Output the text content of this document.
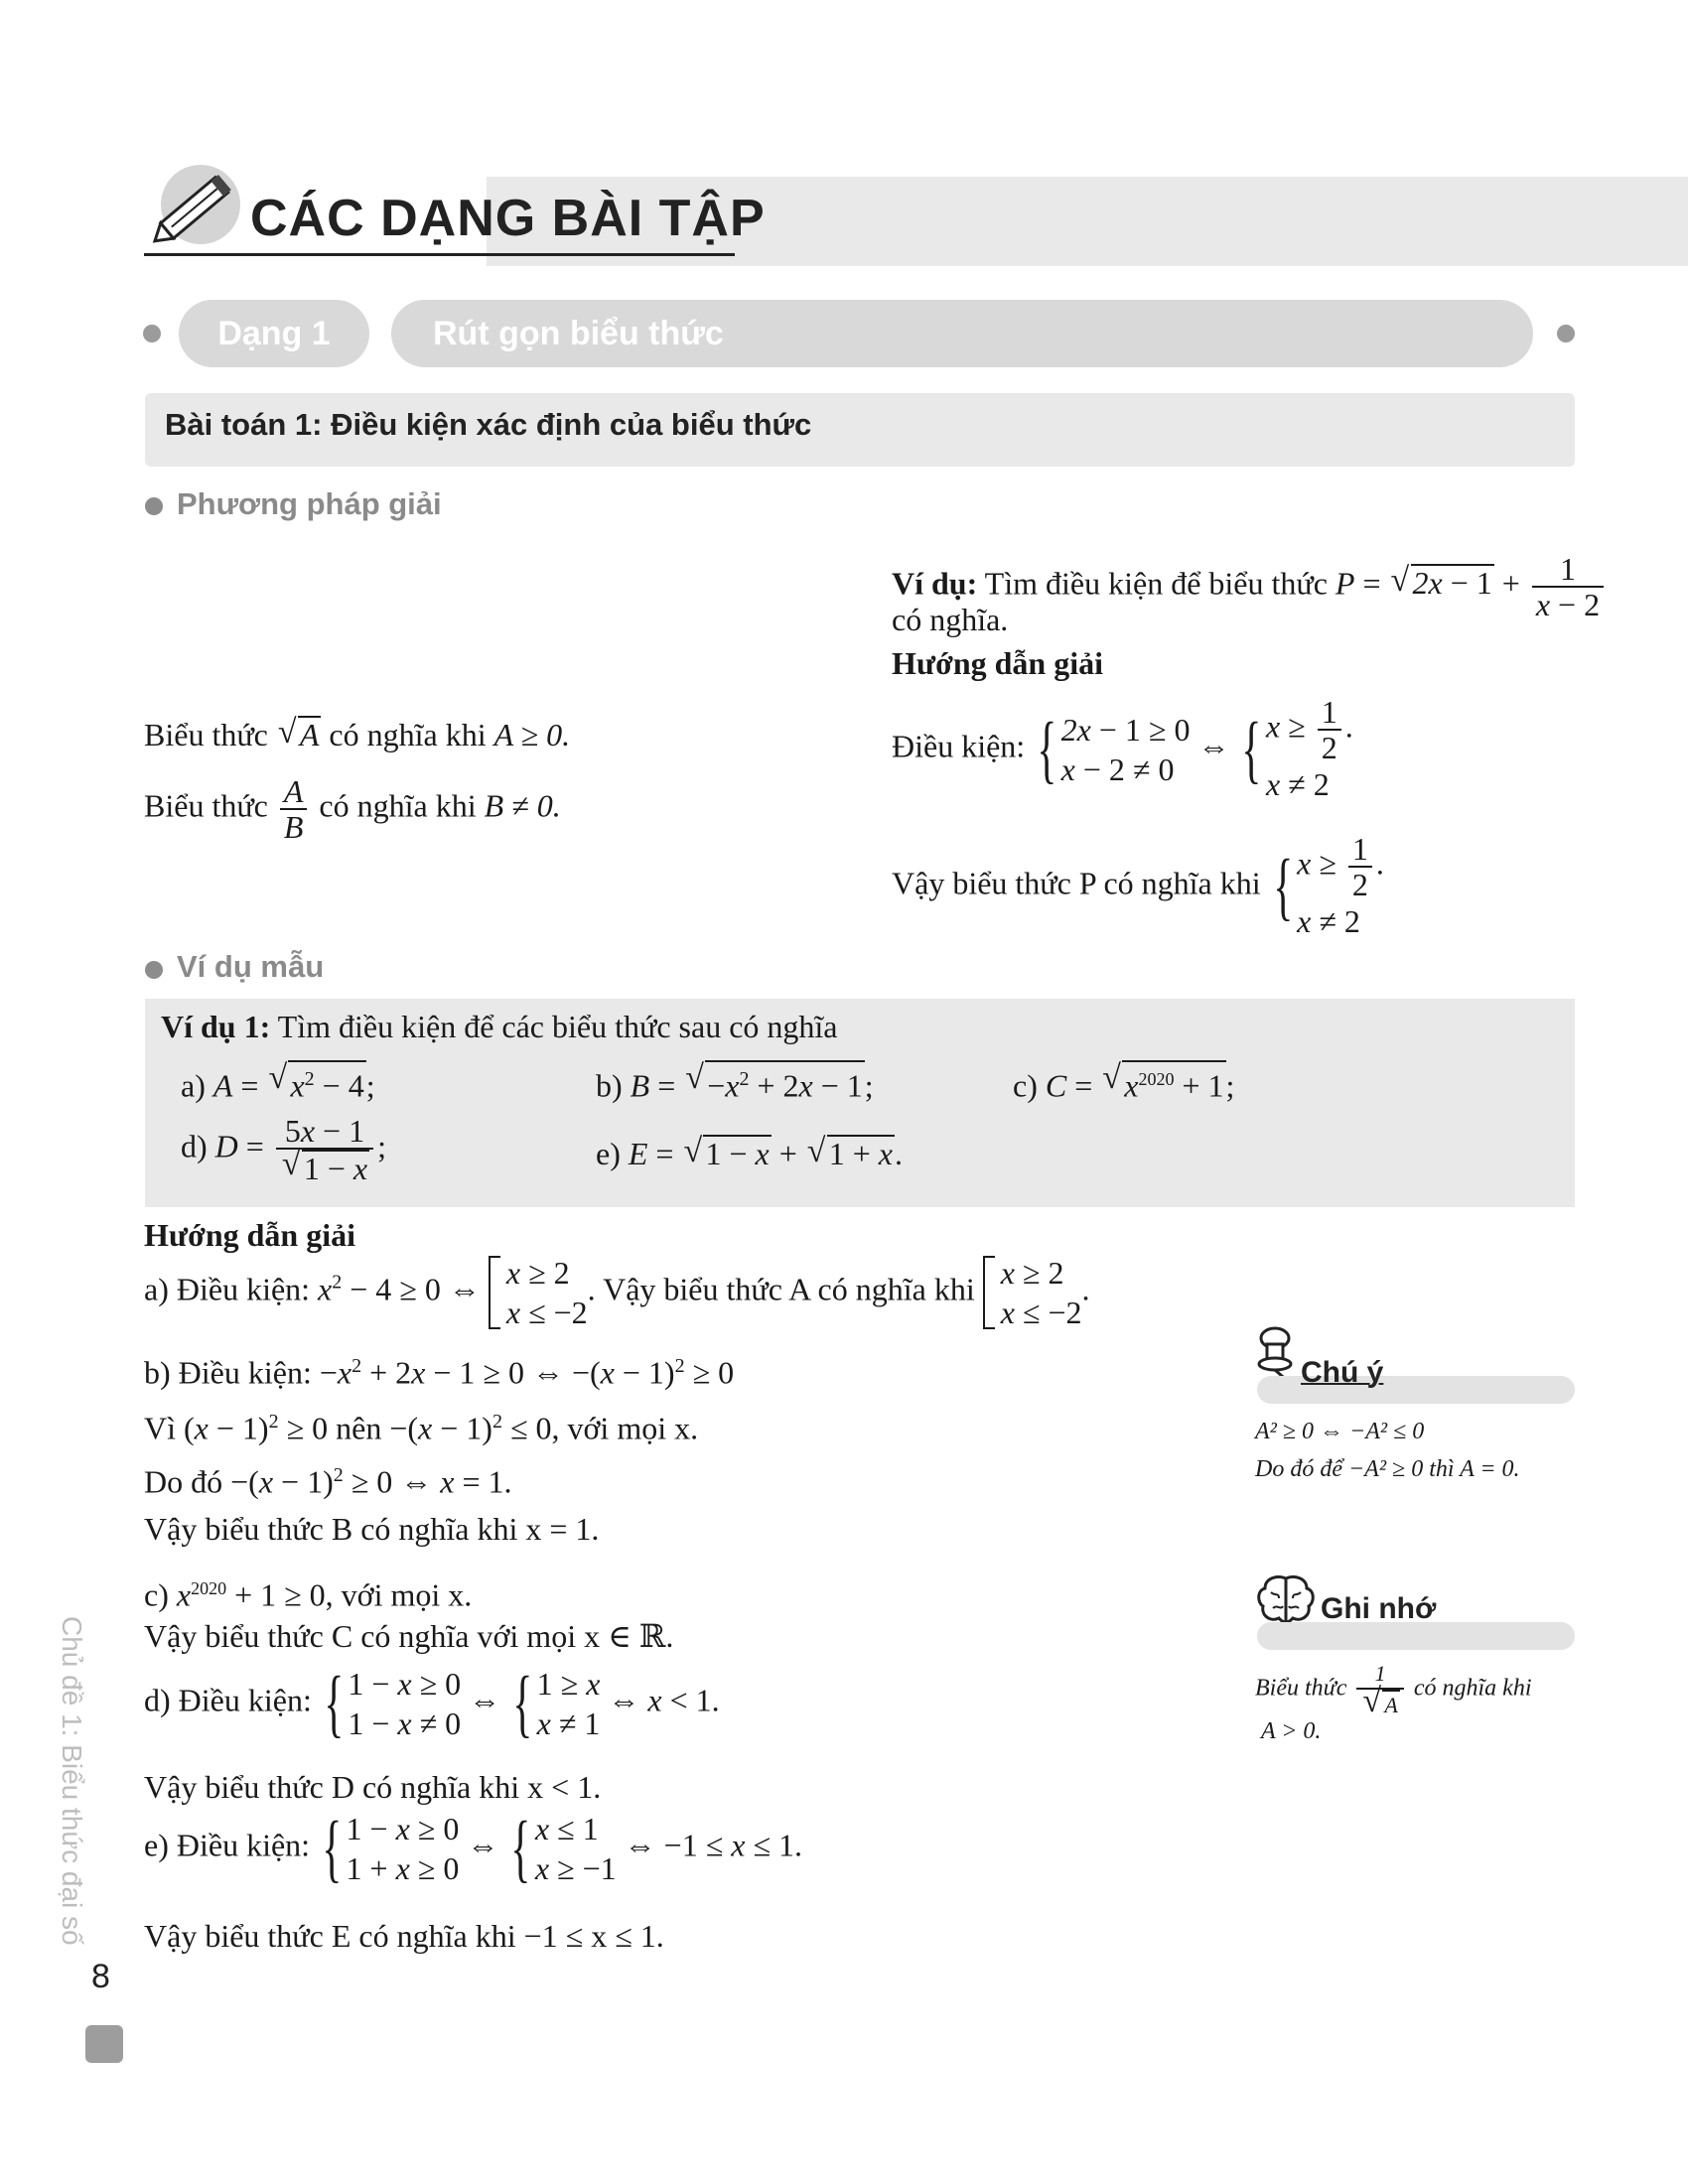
CÁC DẠNG BÀI TẬP
Dạng 1	Rút gọn biểu thức
Bài toán 1: Điều kiện xác định của biểu thức
Phương pháp giải
Biểu thức √ A có nghĩa khi A ≥ 0.
Biểu thức $\frac{A}{B}$ có nghĩa khi B ≠ 0.
Ví dụ: Tìm điều kiện để biểu thức P = √ $2x - 1 + \frac{1}{x - 2}$
có nghĩa.
Hướng dẫn giải
Điều kiện: { 2x − 1 ≥ 0
x − 2 ≠ 0
⇔ { $x \ge \frac{1}{2}$ .
x ≠ 2
Vậy biểu thức P có nghĩa khi { $x \ge \frac{1}{2}$ .
x ≠ 2
Ví dụ mẫu
Ví dụ 1: Tìm điều kiện để các biểu thức sau có nghĩa
a) A = √ $x^2 - 4$;	b) B = √ $-x^2 + 2x - 1$;	c) C = √ $x^{2020} + 1$;
d) D = 5x − 1
√ 1 − x ;	e) E = √ 1 − x + √ 1 + x.
Hướng dẫn giải
a) Điều kiện: $x^2 - 4 \ge 0$ ⇔ x ≥ 2
x ≤ −2
. Vậy biểu thức A có nghĩa khi x ≥ 2
x ≤ −2
.
b) Điều kiện: $-x^2 + 2x - 1 \ge 0$ ⇔ $-(x - 1)^2 \ge 0$
Vì $(x - 1)^2 \ge 0$ nên $-(x - 1)^2 \le 0$, với mọi x.
Do đó $-(x - 1)^2 \ge 0$ ⇔ x = 1.
Vậy biểu thức B có nghĩa khi x = 1.
c) $x^{2020} + 1 \ge 0$, với mọi x.
Vậy biểu thức C có nghĩa với mọi x ∈ ℝ.
d) Điều kiện: { 1 − x ≥ 0
1 − x ≠ 0
⇔ { 1 ≥ x
x ≠ 1
⇔ x < 1.
Vậy biểu thức D có nghĩa khi x < 1.
e) Điều kiện: { 1 − x ≥ 0
1 + x ≥ 0
⇔ { x ≤ 1
x ≥ −1
⇔ −1 ≤ x ≤ 1.
Vậy biểu thức E có nghĩa khi −1 ≤ x ≤ 1.
Chú ý
A² ≥ 0 ⇔ −A² ≤ 0
Do đó để −A² ≥ 0 thì A = 0.
Ghi nhớ
Biểu thức 1
√ A có nghĩa khi
A > 0.
Chủ đề 1: Biểu thức đại số
8
